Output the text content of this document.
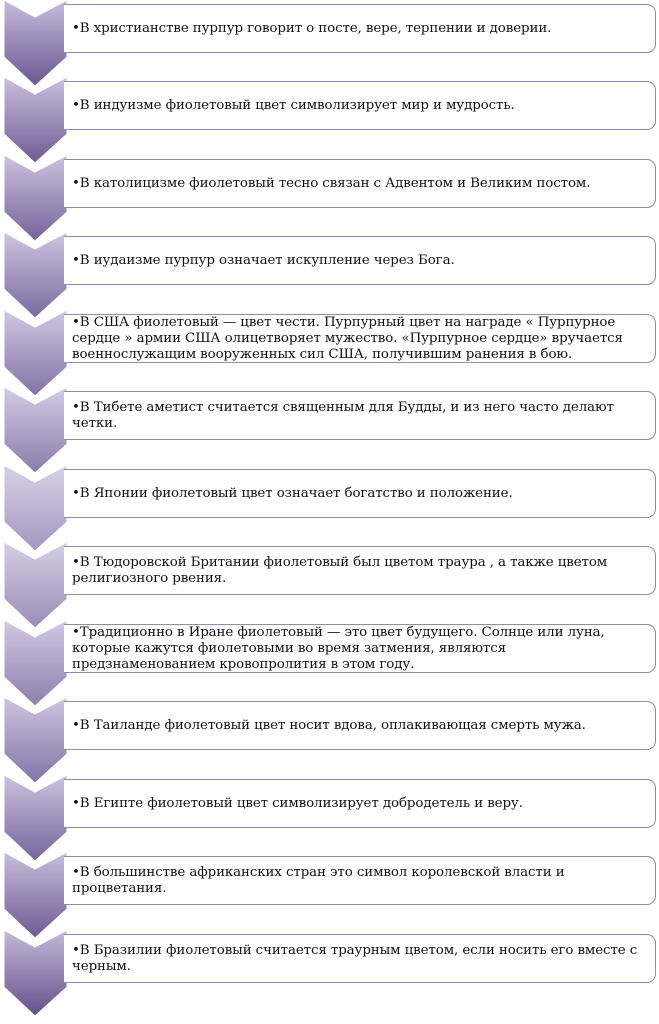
•В христианстве пурпур говорит о посте, вере, терпении и доверии.
•В индуизме фиолетовый цвет символизирует мир и мудрость.
•В католицизме фиолетовый тесно связан с Адвентом и Великим постом.
•В иудаизме пурпур означает искупление через Бога.
•В США фиолетовый — цвет чести. Пурпурный цвет на награде « Пурпурное сердце » армии США олицетворяет мужество. «Пурпурное сердце» вручается военнослужащим вооруженных сил США, получившим ранения в бою.
•В Тибете аметист считается священным для Будды, и из него часто делают четки.
•В Японии фиолетовый цвет означает богатство и положение.
•В Тюдоровской Британии фиолетовый был цветом траура , а также цветом религиозного рвения.
•Традиционно в Иране фиолетовый — это цвет будущего. Солнце или луна, которые кажутся фиолетовыми во время затмения, являются предзнаменованием кровопролития в этом году.
•В Таиланде фиолетовый цвет носит вдова, оплакивающая смерть мужа.
•В Египте фиолетовый цвет символизирует добродетель и веру.
•В большинстве африканских стран это символ королевской власти и процветания.
•В Бразилии фиолетовый считается траурным цветом, если носить его вместе с черным.
